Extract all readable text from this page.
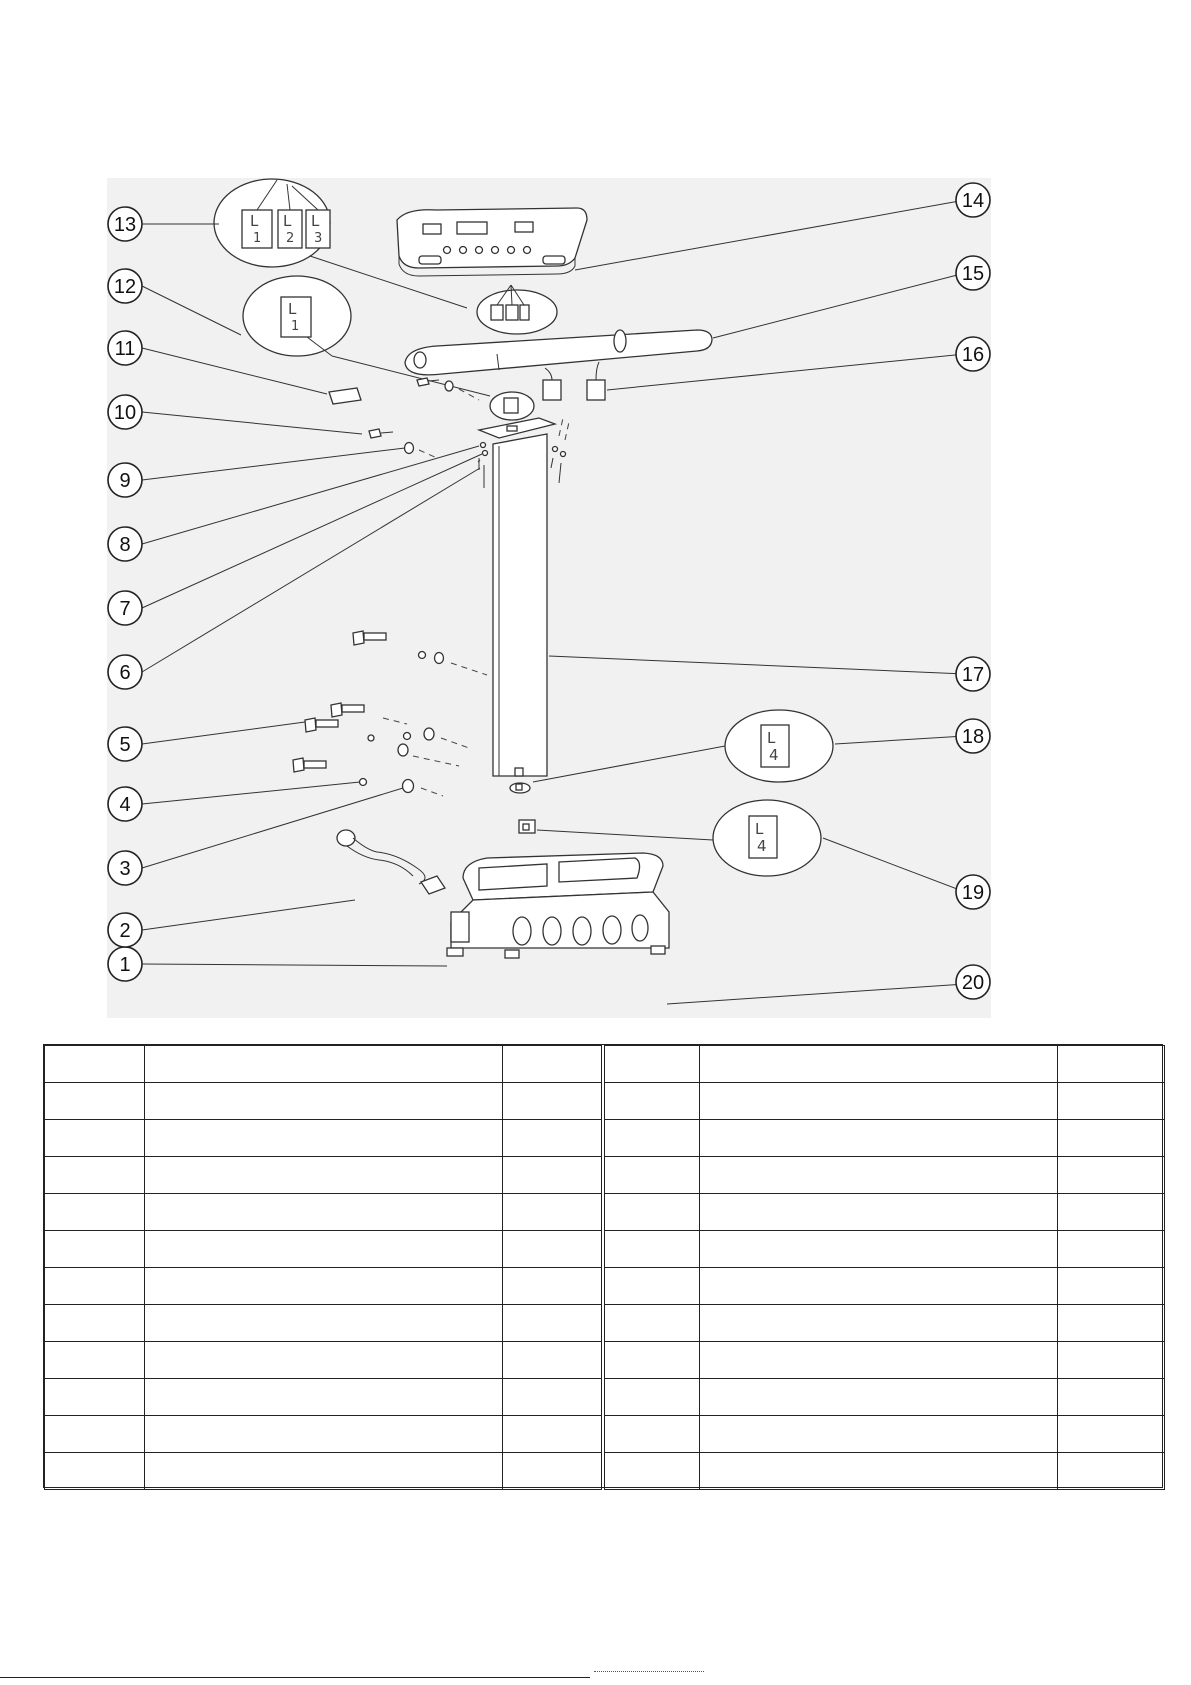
L
1
L
2
L
3
L
1
L
4
L
4
1
2
3
4
5
6
7
8
9
10
11
12
13
14
15
16
17
18
19
20
